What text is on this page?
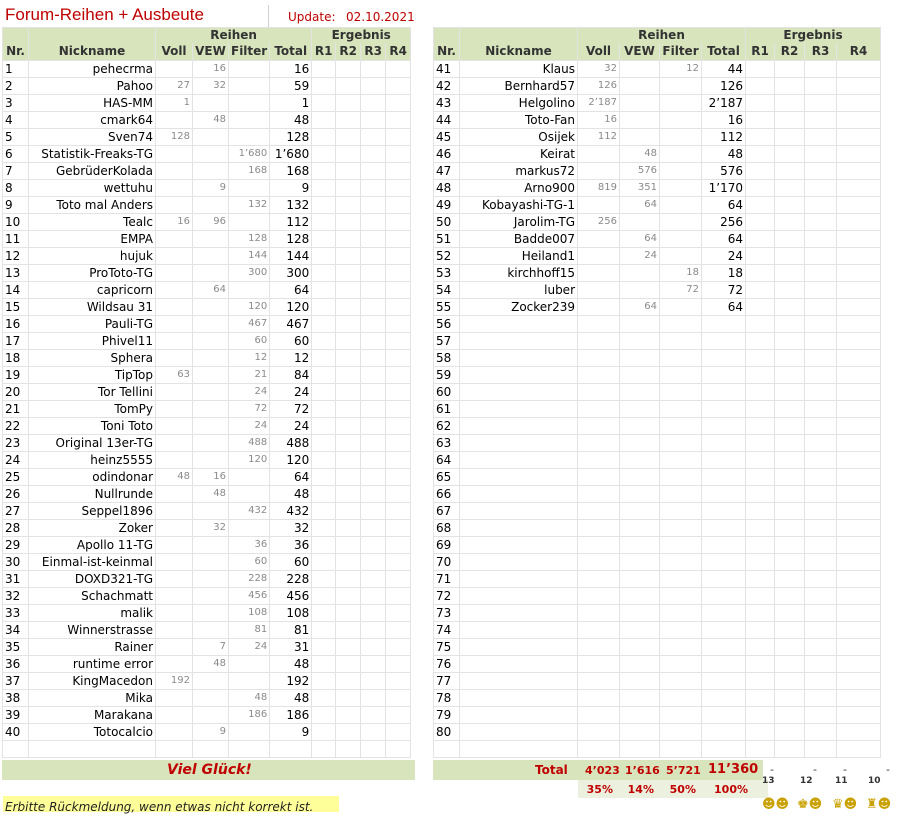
Forum-Reihen + Ausbeute	Update: 02.10.2021
		Reihen				Ergebnis			
Nr.	Nickname	Voll	VEW	Filter	Total	R1	R2	R3	R4
1	pehecrma		16		16				
2	Pahoo	27	32		59				
3	HAS-MM	1			1				
4	cmark64		48		48				
5	Sven74	128			128				
6	Statistik-Freaks-TG			1’680	1’680				
7	GebrüderKolada			168	168				
8	wettuhu		9		9				
9	Toto mal Anders			132	132				
10	Tealc	16	96		112				
11	EMPA			128	128				
12	hujuk			144	144				
13	ProToto-TG			300	300				
14	capricorn		64		64				
15	Wildsau 31			120	120				
16	Pauli-TG			467	467				
17	Phivel11			60	60				
18	Sphera			12	12				
19	TipTop	63		21	84				
20	Tor Tellini			24	24				
21	TomPy			72	72				
22	Toni Toto			24	24				
23	Original 13er-TG			488	488				
24	heinz5555			120	120				
25	odindonar	48	16		64				
26	Nullrunde		48		48				
27	Seppel1896			432	432				
28	Zoker		32		32				
29	Apollo 11-TG			36	36				
30	Einmal-ist-keinmal			60	60				
31	DOXD321-TG			228	228				
32	Schachmatt			456	456				
33	malik			108	108				
34	Winnerstrasse			81	81				
35	Rainer		7	24	31				
36	runtime error		48		48				
37	KingMacedon	192			192				
38	Mika			48	48				
39	Marakana			186	186				
40	Totocalcio		9		9				

		Reihen				Ergebnis			
Nr.	Nickname	Voll	VEW	Filter	Total	R1	R2	R3	R4
41	Klaus	32		12	44				
42	Bernhard57	126			126				
43	Helgolino	2’187			2’187				
44	Toto-Fan	16			16				
45	Osijek	112			112				
46	Keirat		48		48				
47	markus72		576		576				
48	Arno900	819	351		1’170				
49	Kobayashi-TG-1		64		64				
50	Jarolim-TG	256			256				
51	Badde007		64		64				
52	Heiland1		24		24				
53	kirchhoff15			18	18				
54	luber			72	72				
55	Zocker239		64		64				
56									
57									
58									
59									
60									
61									
62									
63									
64									
65									
66									
67									
68									
69									
70									
71									
72									
73									
74									
75									
76									
77									
78									
79									
80									

Viel Glück!	Total 4’023 1’616 5’721 11’360 -	- -	-
35% 14% 50% 100%
13	12 11 10
☻☻ ♚☻ ♛☻ ♜☻
Erbitte Rückmeldung, wenn etwas nicht korrekt ist.
